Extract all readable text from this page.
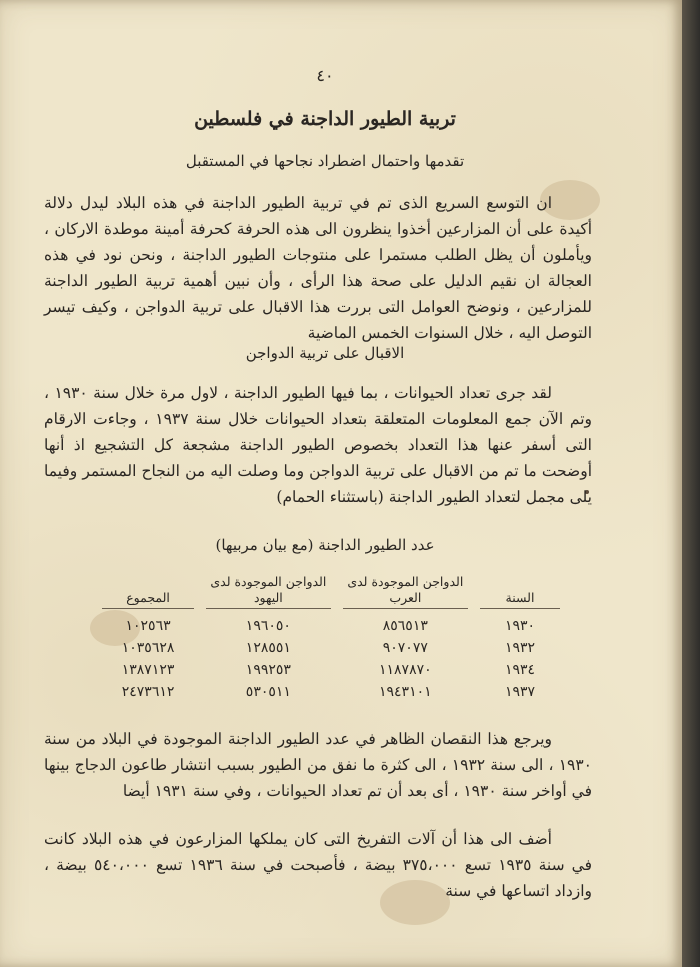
٤٠
تربية الطيور الداجنة في فلسطين
تقدمها واحتمال اضطراد نجاحها في المستقبل

ان التوسع السريع الذى تم في تربية الطيور الداجنة في هذه البلاد ليدل دلالة أكيدة على أن المزارعين أخذوا ينظرون الى هذه الحرفة كحرفة أمينة موطدة الاركان ، ويأملون أن يظل الطلب مستمرا على منتوجات الطيور الداجنة ، ونحن نود في هذه العجالة ان نقيم الدليل على صحة هذا الرأى ، وأن نبين أهمية تربية الطيور الداجنة للمزارعين ، ونوضح العوامل التى بررت هذا الاقبال على تربية الدواجن ، وكيف تيسر التوصل اليه ، خلال السنوات الخمس الماضية

الاقبال على تربية الدواجن

لقد جرى تعداد الحيوانات ، بما فيها الطيور الداجنة ، لاول مرة خلال سنة ١٩٣٠ ، وتم الآن جمع المعلومات المتعلقة بتعداد الحيوانات خلال سنة ١٩٣٧ ، وجاءت الارقام التى أسفر عنها هذا التعداد بخصوص الطيور الداجنة مشجعة كل التشجيع اذ أنها أوضحت ما تم من الاقبال على تربية الدواجن وما وصلت اليه من النجاح المستمر وفيما يلى مجمل لتعداد الطيور الداجنة (باستثناء الحمام)

عدد الطيور الداجنة (مع بيان مربيها)
السنة	الدواجن الموجودة لدى العرب	الدواجن الموجودة لدى اليهود	المجموع

١٩٣٠	٨٥٦٥١٣	١٩٦٠٥٠	١٠٢٥٦٣
١٩٣٢	٩٠٧٠٧٧	١٢٨٥٥١	١٠٣٥٦٢٨
١٩٣٤	١١٨٧٨٧٠	١٩٩٢٥٣	١٣٨٧١٢٣
١٩٣٧	١٩٤٣١٠١	٥٣٠٥١١	٢٤٧٣٦١٢

ويرجع هذا النقصان الظاهر في عدد الطيور الداجنة الموجودة في البلاد من سنة ١٩٣٠ ، الى سنة ١٩٣٢ ، الى كثرة ما نفق من الطيور بسبب انتشار طاعون الدجاج بينها في أواخر سنة ١٩٣٠ ، أى بعد أن تم تعداد الحيوانات ، وفي سنة ١٩٣١ أيضا

أضف الى هذا أن آلات التفريخ التى كان يملكها المزارعون في هذه البلاد كانت في سنة ١٩٣٥ تسع ٣٧٥،٠٠٠ بيضة ، فأصبحت في سنة ١٩٣٦ تسع ٥٤٠،٠٠٠ بيضة ، وازداد اتساعها في سنة
